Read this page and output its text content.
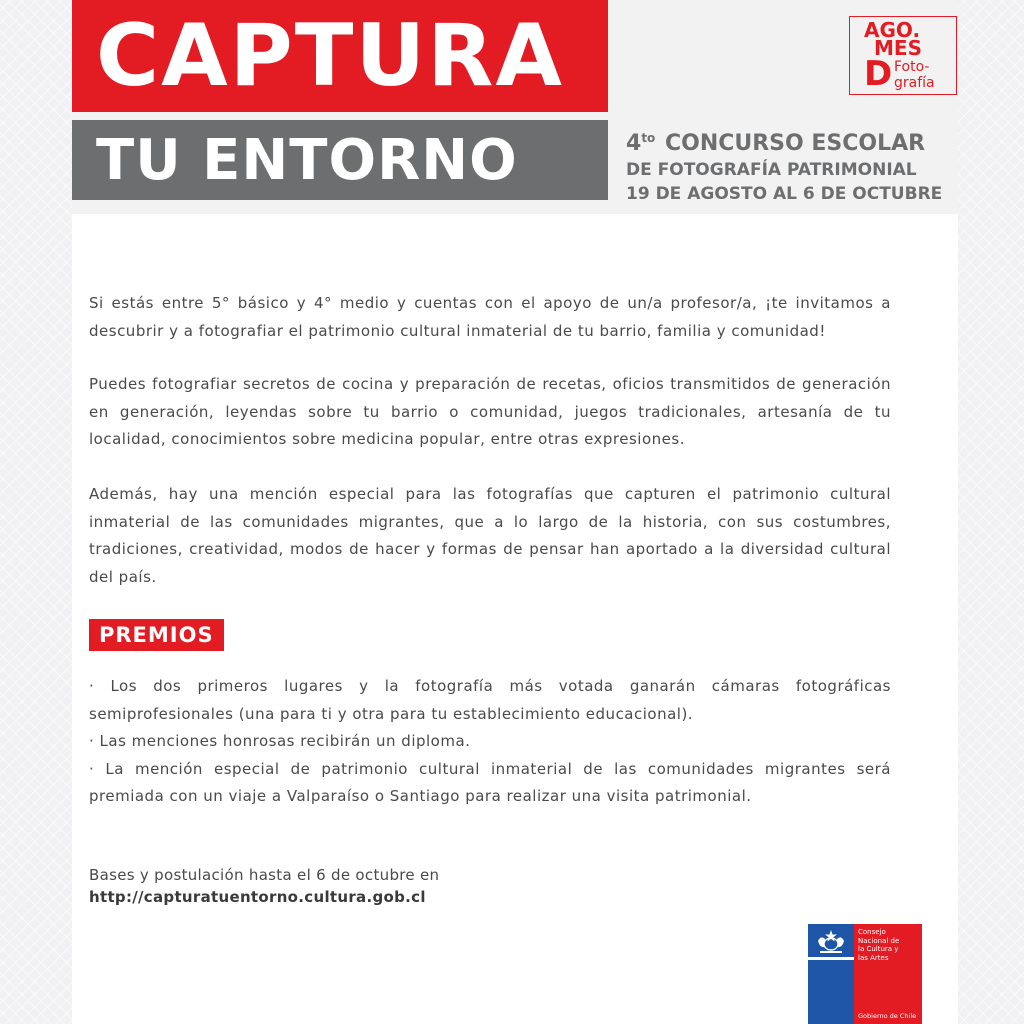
CAPTURA
TU ENTORNO	$4^{to}$ CONCURSO ESCOLAR
DE FOTOGRAFÍA PATRIMONIAL
19 DE AGOSTO AL 6 DE OCTUBRE
AGO.
MES
D Foto-
grafía

Si estás entre 5° básico y 4° medio y cuentas con el apoyo de un/a profesor/a, ¡te invitamos a descubrir y a fotografiar el patrimonio cultural inmaterial de tu barrio, familia y comunidad!

Puedes fotografiar secretos de cocina y preparación de recetas, oficios transmitidos de generación en generación, leyendas sobre tu barrio o comunidad, juegos tradicionales, artesanía de tu localidad, conocimientos sobre medicina popular, entre otras expresiones.

Además, hay una mención especial para las fotografías que capturen el patrimonio cultural inmaterial de las comunidades migrantes, que a lo largo de la historia, con sus costumbres, tradiciones, creatividad, modos de hacer y formas de pensar han aportado a la diversidad cultural del país.

PREMIOS
· Los dos primeros lugares y la fotografía más votada ganarán cámaras fotográficas semiprofesionales (una para ti y otra para tu establecimiento educacional).
· Las menciones honrosas recibirán un diploma.
· La mención especial de patrimonio cultural inmaterial de las comunidades migrantes será premiada con un viaje a Valparaíso o Santiago para realizar una visita patrimonial.
Bases y postulación hasta el 6 de octubre en
http://capturatuentorno.cultura.gob.cl
Consejo
Nacional de
la Cultura y
las Artes
Gobierno de Chile
